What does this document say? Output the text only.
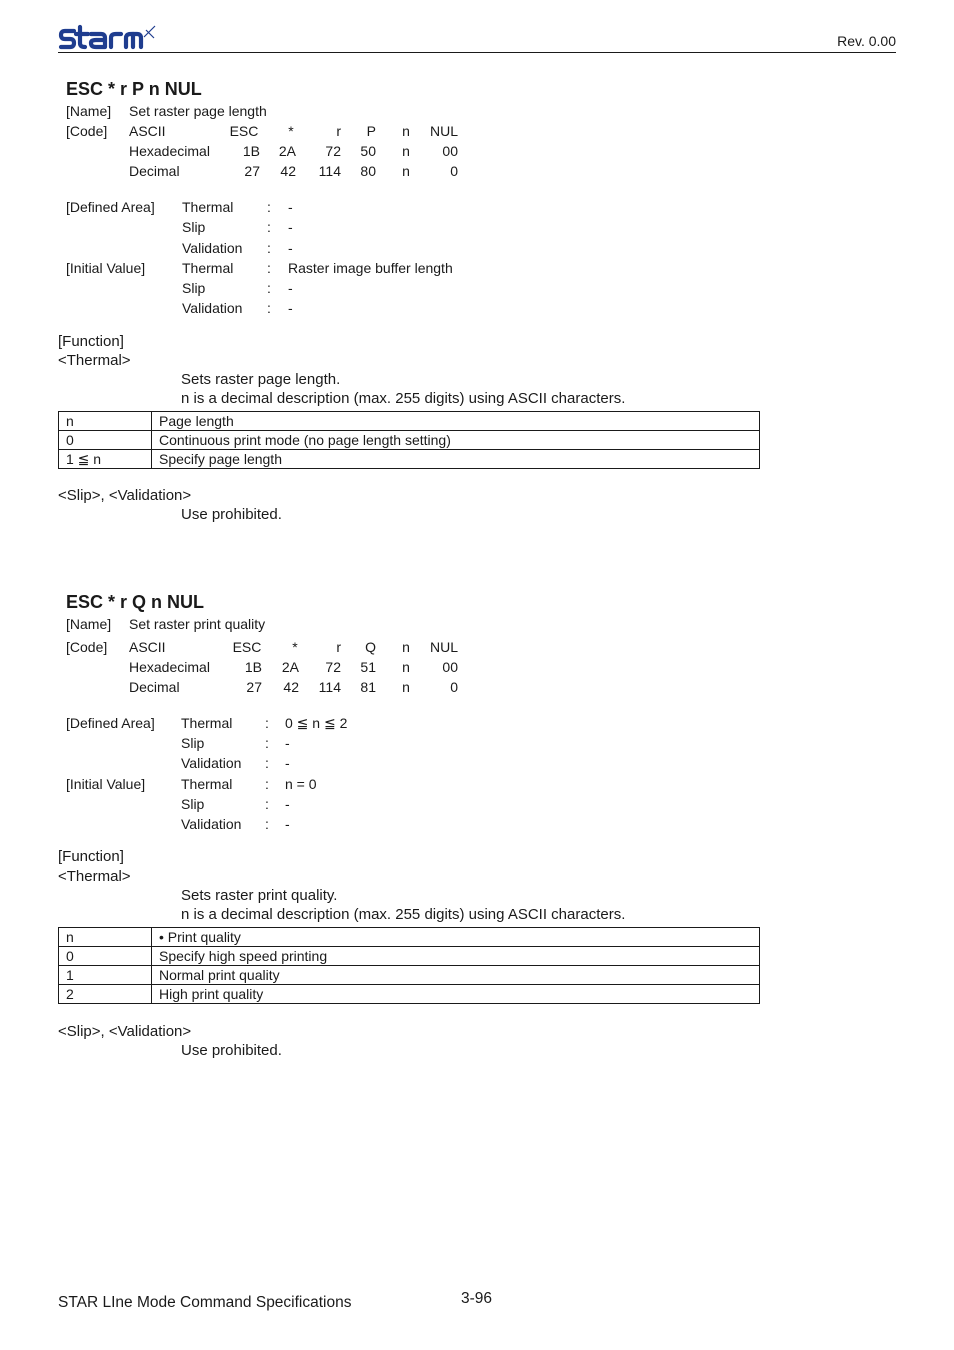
Rev. 0.00
ESC * r P n NUL
[Name] Set raster page length
[Code] ASCII	ESC	*	r	P	n	NUL
Hexadecimal	1B	2A	72	50	n	00
Decimal	27	42	114	80	n	0
[Defined Area] Thermal : -
Slip	: -
Validation : -
[Initial Value]	Thermal : Raster image buffer length
Slip	: -
Validation : -
[Function]
<Thermal>
Sets raster page length.
n is a decimal description (max. 255 digits) using ASCII characters.
n	Page length
0	Continuous print mode (no page length setting)
1 ≦ n	Specify page length
<Slip>, <Validation>
Use prohibited.
ESC * r Q n NUL
[Name] Set raster print quality
[Code] ASCII	ESC	*	r	Q	n	NUL
Hexadecimal	1B	2A	72	51	n	00
Decimal	27	42	114	81	n	0
[Defined Area] Thermal : 0 ≦ n ≦ 2
Slip	: -
Validation : -
[Initial Value]	Thermal : n = 0
Slip	: -
Validation : -
[Function]
<Thermal>
Sets raster print quality.
n is a decimal description (max. 255 digits) using ASCII characters.
n	• Print quality
0	Specify high speed printing
1	Normal print quality
2	High print quality
<Slip>, <Validation>
Use prohibited.
STAR LIne Mode Command Specifications	3-96
